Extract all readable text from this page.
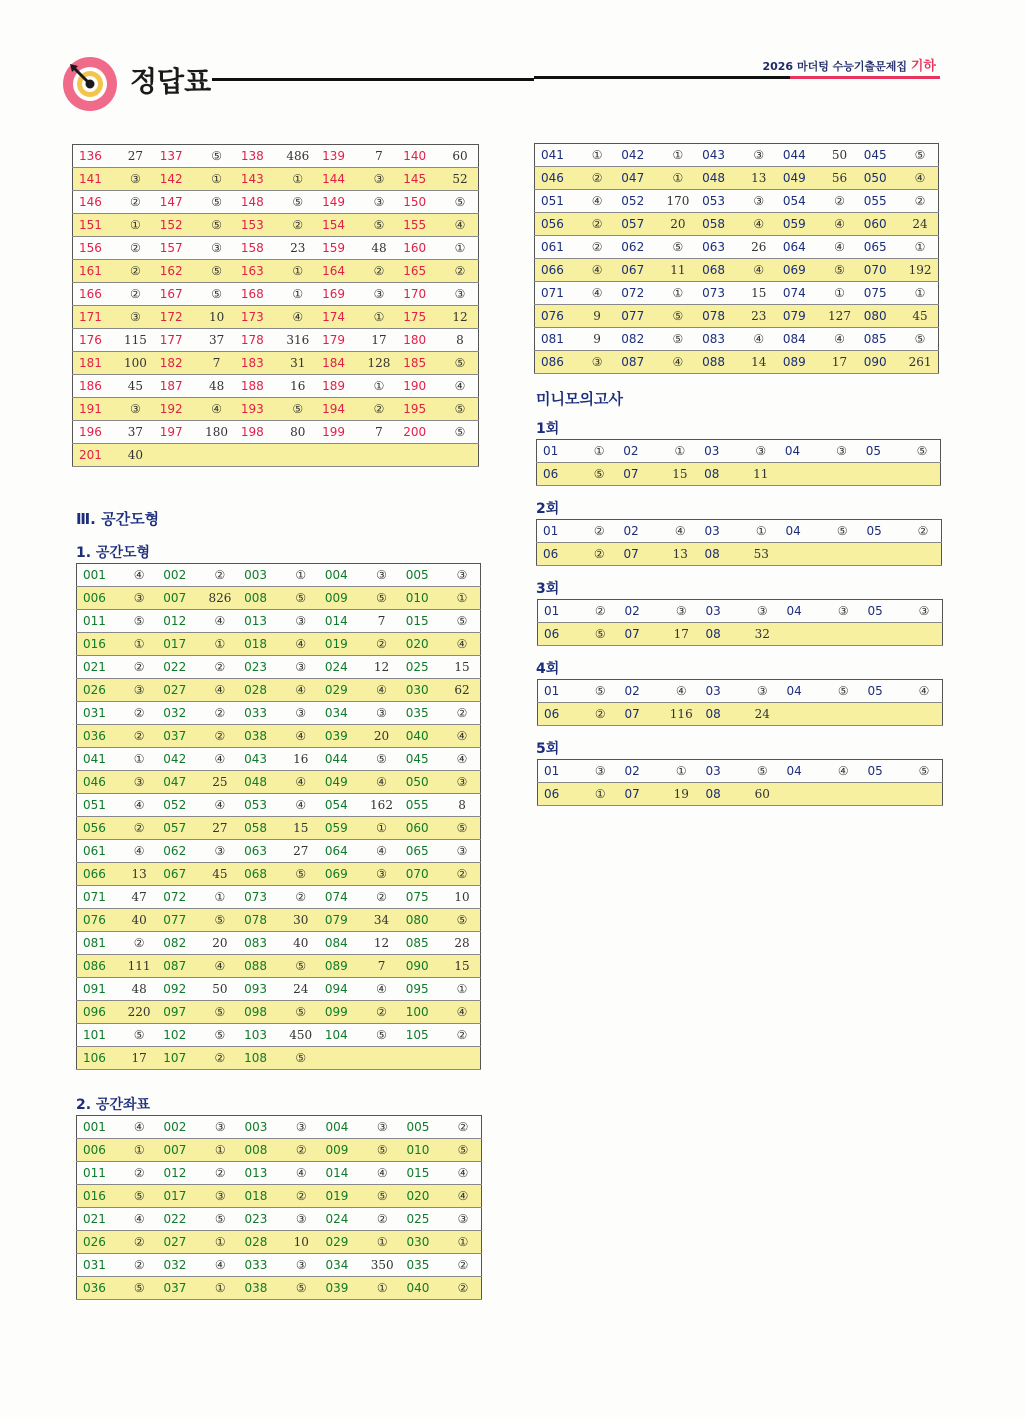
정답표	2026 마더텅 수능기출문제집 기하
136	27	137	⑤	138	486	139	7	140	60
141	③	142	①	143	①	144	③	145	52
146	②	147	⑤	148	⑤	149	③	150	⑤
151	①	152	⑤	153	②	154	⑤	155	④
156	②	157	③	158	23	159	48	160	①
161	②	162	⑤	163	①	164	②	165	②
166	②	167	⑤	168	①	169	③	170	③
171	③	172	10	173	④	174	①	175	12
176	115	177	37	178	316	179	17	180	8
181	100	182	7	183	31	184	128	185	⑤
186	45	187	48	188	16	189	①	190	④
191	③	192	④	193	⑤	194	②	195	⑤
196	37	197	180	198	80	199	7	200	⑤
201	40								
Ⅲ. 공간도형
1. 공간도형
001	④	002	②	003	①	004	③	005	③
006	③	007	826	008	⑤	009	⑤	010	①
011	⑤	012	④	013	③	014	7	015	⑤
016	①	017	①	018	④	019	②	020	④
021	②	022	②	023	③	024	12	025	15
026	③	027	④	028	④	029	④	030	62
031	②	032	②	033	③	034	③	035	②
036	②	037	②	038	④	039	20	040	④
041	①	042	④	043	16	044	⑤	045	④
046	③	047	25	048	④	049	④	050	③
051	④	052	④	053	④	054	162	055	8
056	②	057	27	058	15	059	①	060	⑤
061	④	062	③	063	27	064	④	065	③
066	13	067	45	068	⑤	069	③	070	②
071	47	072	①	073	②	074	②	075	10
076	40	077	⑤	078	30	079	34	080	⑤
081	②	082	20	083	40	084	12	085	28
086	111	087	④	088	⑤	089	7	090	15
091	48	092	50	093	24	094	④	095	①
096	220	097	⑤	098	⑤	099	②	100	④
101	⑤	102	⑤	103	450	104	⑤	105	②
106	17	107	②	108	⑤				
2. 공간좌표
001	④	002	③	003	③	004	③	005	②
006	①	007	①	008	②	009	⑤	010	⑤
011	②	012	②	013	④	014	④	015	④
016	⑤	017	③	018	②	019	⑤	020	④
021	④	022	⑤	023	③	024	②	025	③
026	②	027	①	028	10	029	①	030	①
031	②	032	④	033	③	034	350	035	②
036	⑤	037	①	038	⑤	039	①	040	②
041	①	042	①	043	③	044	50	045	⑤
046	②	047	①	048	13	049	56	050	④
051	④	052	170	053	③	054	②	055	②
056	②	057	20	058	④	059	④	060	24
061	②	062	⑤	063	26	064	④	065	①
066	④	067	11	068	④	069	⑤	070	192
071	④	072	①	073	15	074	①	075	①
076	9	077	⑤	078	23	079	127	080	45
081	9	082	⑤	083	④	084	④	085	⑤
086	③	087	④	088	14	089	17	090	261
미니모의고사
1회
01	①	02	①	03	③	04	③	05	⑤
06	⑤	07	15	08	11				
2회
01	②	02	④	03	①	04	⑤	05	②
06	②	07	13	08	53				
3회
01	②	02	③	03	③	04	③	05	③
06	⑤	07	17	08	32				
4회
01	⑤	02	④	03	③	04	⑤	05	④
06	②	07	116	08	24				
5회
01	③	02	①	03	⑤	04	④	05	⑤
06	①	07	19	08	60				
